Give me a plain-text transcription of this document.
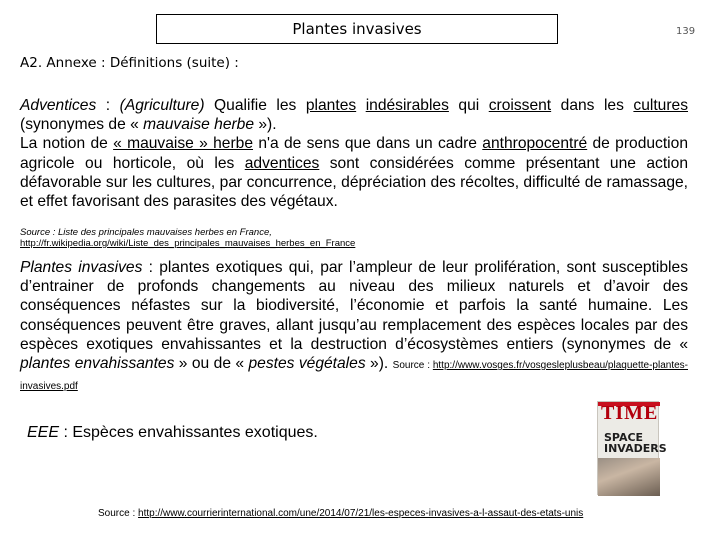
Plantes invasives	139
A2. Annexe : Définitions (suite) :
Adventices : (Agriculture) Qualifie les plantes indésirables qui croissent dans les cultures (synonymes de « mauvaise herbe »).
La notion de « mauvaise » herbe n'a de sens que dans un cadre anthropocentré de production agricole ou horticole, où les adventices sont considérées comme présentant une action défavorable sur les cultures, par concurrence, dépréciation des récoltes, difficulté de ramassage, et effet favorisant des parasites des végétaux.
Source : Liste des principales mauvaises herbes en France,
http://fr.wikipedia.org/wiki/Liste_des_principales_mauvaises_herbes_en_France
Plantes invasives : plantes exotiques qui, par l’ampleur de leur prolifération, sont susceptibles d’entrainer de profonds changements au niveau des milieux naturels et d’avoir des conséquences néfastes sur la biodiversité, l’économie et parfois la santé humaine. Les conséquences peuvent être graves, allant jusqu’au remplacement des espèces locales par des espèces exotiques envahissantes et la destruction d’écosystèmes entiers (synonymes de « plantes envahissantes » ou de « pestes végétales »). Source : http://www.vosges.fr/vosgesleplusbeau/plaquette-plantes-invasives.pdf
EEE : Espèces envahissantes exotiques.
TIME
SPACE INVADERS
Source : http://www.courrierinternational.com/une/2014/07/21/les-especes-invasives-a-l-assaut-des-etats-unis
